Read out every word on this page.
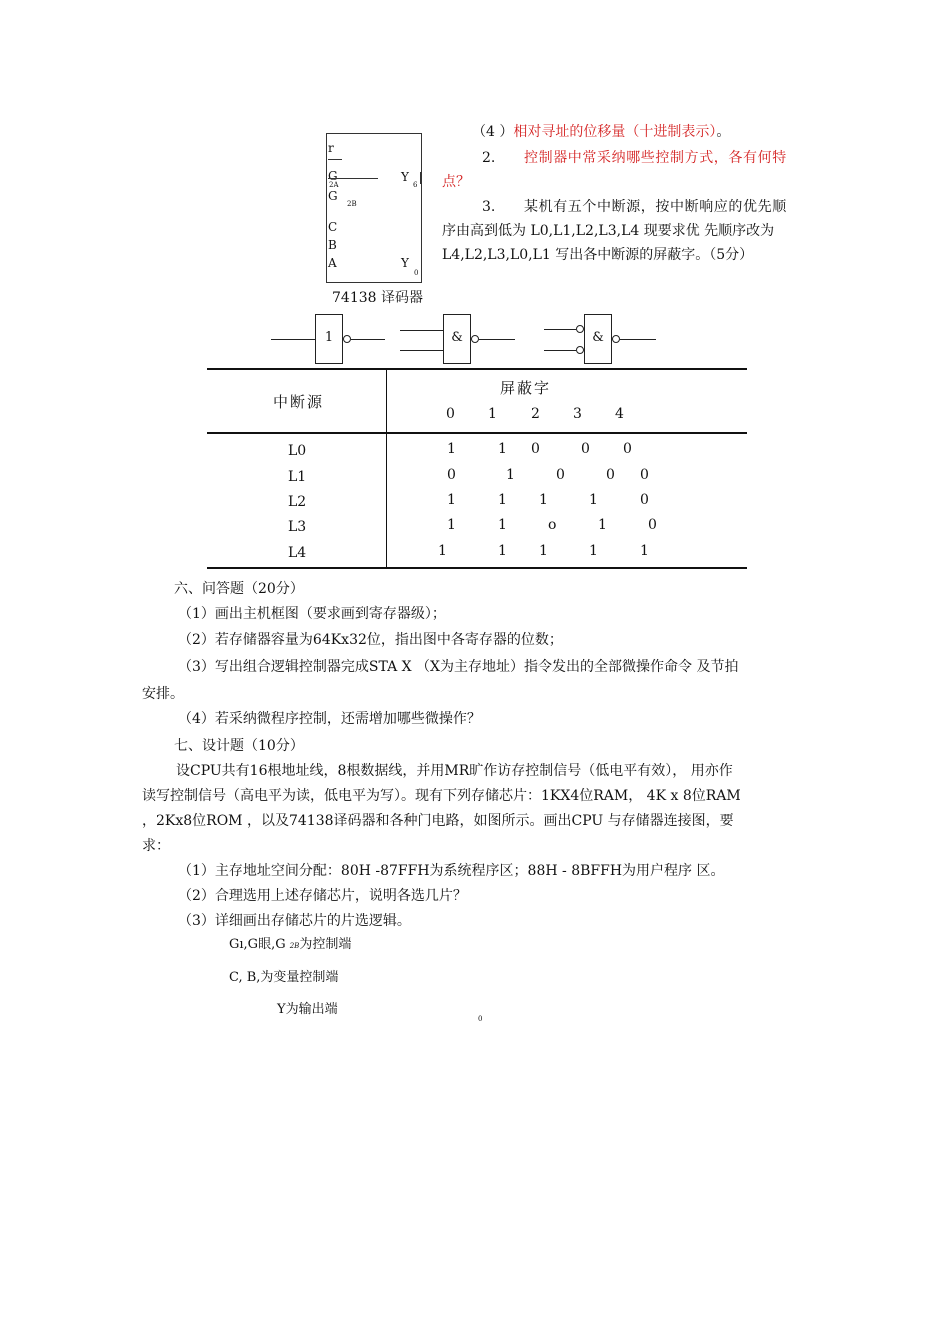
（4 ）相对寻址的位移量（十进制表示）。
2. 控制器中常采纳哪些控制方式，各有何特
点？
3. 某机有五个中断源，按中断响应的优先顺
序由高到低为 L0,L1,L2,L3,L4 现要求优 先顺序改为
L4,L2,L3,L0,L1 写出各中断源的屏蔽字。（5分）
r
G
2A
G
2B
C
B
A
Y
6
Y
0
74138 译码器
1	&	&
中断源
屏蔽字
0 1 2 3 4
L0	1	1 0	0 0
L1	0	1	0	0 0
L2	1	1 1	1	0
L3	1	1	o	1	0
L4	1	1 1	1	1
六、问答题（20分）
（1）画出主机框图（要求画到寄存器级）；
（2）若存储器容量为64Kx32位，指出图中各寄存器的位数；
（3）写出组合逻辑控制器完成STA X （X为主存地址）指令发出的全部微操作命令 及节拍
安排。
（4）若采纳微程序控制，还需增加哪些微操作？
七、设计题（10分）
设CPU共有16根地址线，8根数据线，并用MR旷作访存控制信号（低电平有效）， 用亦作
读写控制信号（高电平为读，低电平为写）。现有下列存储芯片：1KX4位RAM， 4K x 8位RAM
，2Kx8位ROM ，以及74138译码器和各种门电路，如图所示。画出CPU 与存储器连接图，要
求：
（1）主存地址空间分配：80H -87FFH为系统程序区；88H - 8BFFH为用户程序 区。
（2）合理选用上述存储芯片，说明各选几片？
（3）详细画出存储芯片的片选逻辑。
Gı,G眼,G 2B为控制端
C, B,为变量控制端
Y为输出端
0
